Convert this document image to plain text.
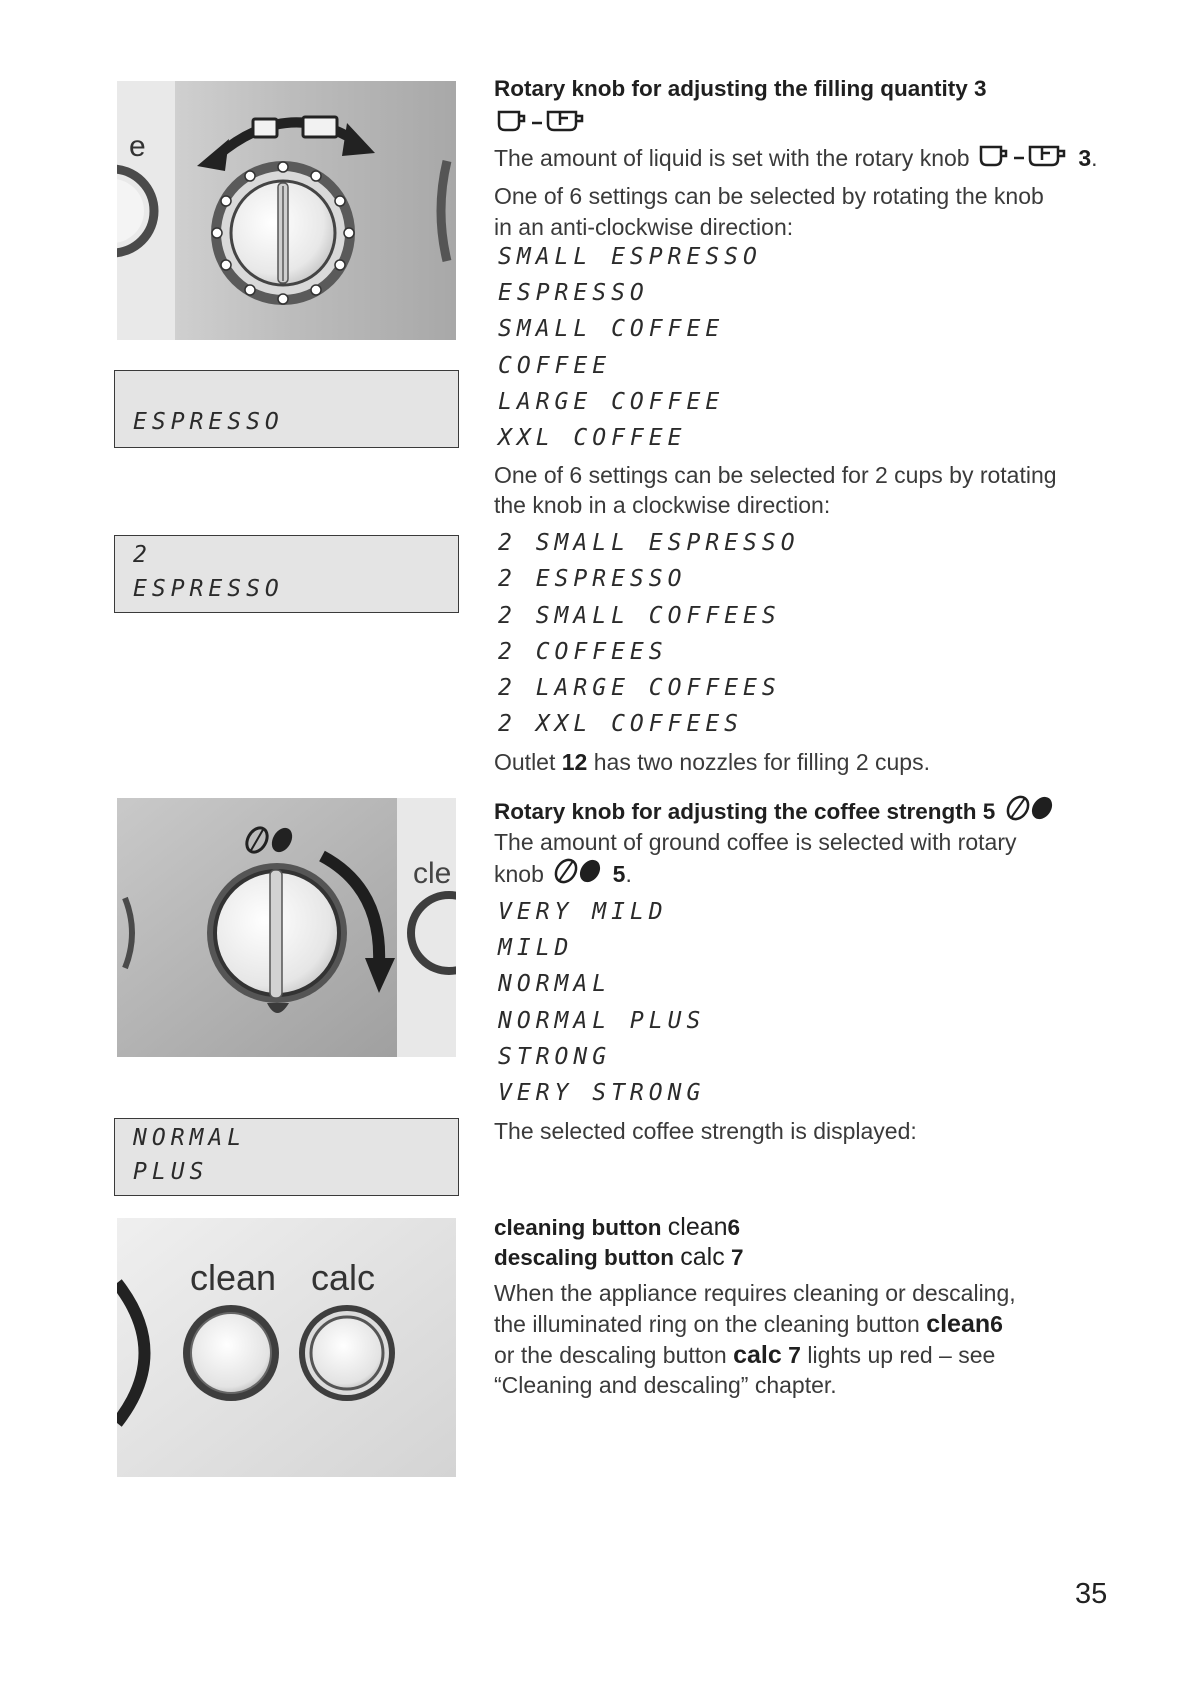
e
ESPRESSO
2
ESPRESSO
cle
NORMAL
PLUS
clean calc
Rotary knob for adjusting the filling quantity 3
The amount of liquid is set with the rotary knob	3.
One of 6 settings can be selected by rotating the knob
in an anti-clockwise direction:
SMALL ESPRESSO
ESPRESSO
SMALL COFFEE
COFFEE
LARGE COFFEE
XXL COFFEE
One of 6 settings can be selected for 2 cups by rotating
the knob in a clockwise direction:
2 SMALL ESPRESSO
2 ESPRESSO
2 SMALL COFFEES
2 COFFEES
2 LARGE COFFEES
2 XXL COFFEES
Outlet 12 has two nozzles for filling 2 cups.
Rotary knob for adjusting the coffee strength 5
The amount of ground coffee is selected with rotary
knob	5.
VERY MILD
MILD
NORMAL
NORMAL PLUS
STRONG
VERY STRONG
The selected coffee strength is displayed:
cleaning button clean6
descaling button calc 7
When the appliance requires cleaning or descaling,
the illuminated ring on the cleaning button clean6
or the descaling button calc 7 lights up red – see
“Cleaning and descaling” chapter.
35
